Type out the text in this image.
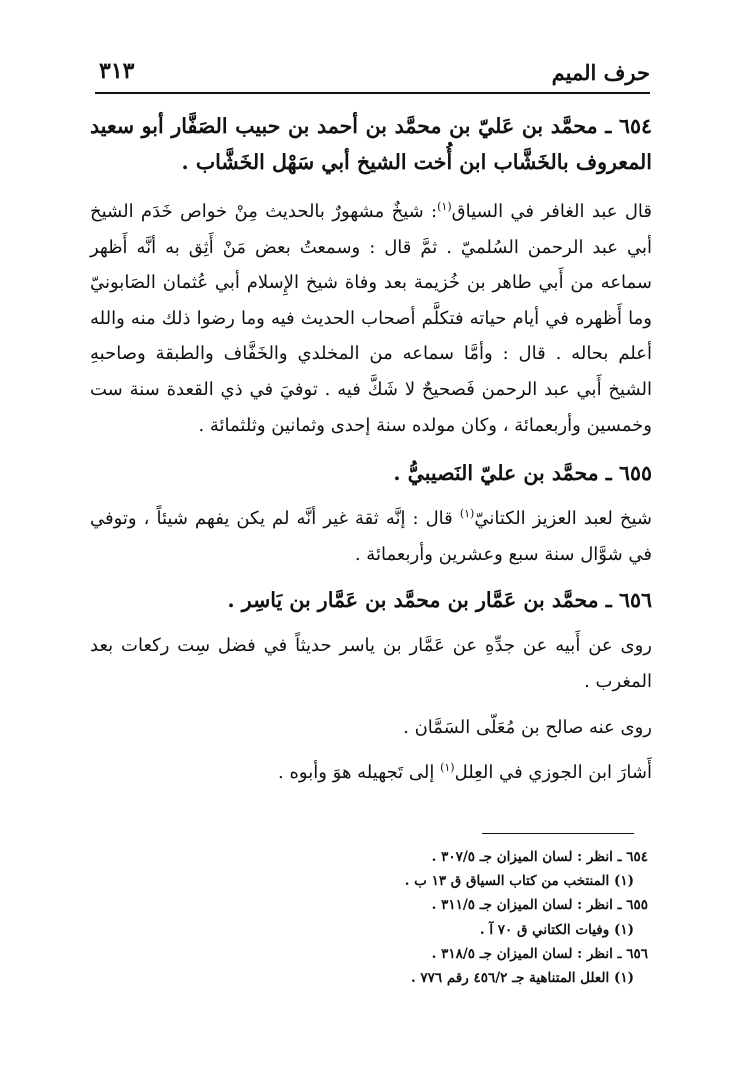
حرف الميم
٣١٣
٦٥٤ ـ محمَّد بن عَليّ بن محمَّد بن أحمد بن حبيب الصَفَّار أبو سعيد المعروف بالخَشَّاب ابن أُخت الشيخ أبي سَهْل الخَشَّاب .

قال عبد الغافر في السياق$^{(١)}$: شيخٌ مشهورٌ بالحديث مِنْ خواص خَدَم الشيخ أبي عبد الرحمن السُلميّ . ثمَّ قال : وسمعتُ بعض مَنْ أَثِق به أنَّه أَظهر سماعه من أَبي طاهر بن خُزيمة بعد وفاة شيخ الإِسلام أبي عُثمان الصَابونيّ وما أَظهره في أيام حياته فتكلَّم أصحاب الحديث فيه وما رضوا ذلك منه والله أعلم بحاله . قال : وأمَّا سماعه من المخلدي والخَفَّاف والطبقة وصاحبهِ الشيخ أَبي عبد الرحمن فَصحيحٌ لا شَكَّ فيه . توفيَ في ذي القعدة سنة ست وخمسين وأربعمائة ، وكان مولده سنة إحدى وثمانين وثلثمائة .

٦٥٥ ـ محمَّد بن عليّ النَصيبيُّ .

شيخ لعبد العزيز الكتانيّ$^{(١)}$ قال : إنَّه ثقة غير أنَّه لم يكن يفهم شيئاً ، وتوفي في شوَّال سنة سبع وعشرين وأربعمائة .

٦٥٦ ـ محمَّد بن عَمَّار بن محمَّد بن عَمَّار بن يَاسِر .

روى عن أَبيه عن جدِّهِ عن عَمَّار بن ياسر حديثاً في فضل سِت ركعات بعد المغرب .

روى عنه صالح بن مُعَلّى السَمَّان .

أَشارَ ابن الجوزي في العِلل$^{(١)}$ إلى تَجهيله هوَ وأبوه .

٦٥٤ ـ انظر : لسان الميزان جـ ٣٠٧/٥ .

(١) المنتخب من كتاب السياق ق ١٣ ب .

٦٥٥ ـ انظر : لسان الميزان جـ ٣١١/٥ .

(١) وفيات الكتاني ق ٧٠ آ .

٦٥٦ ـ انظر : لسان الميزان جـ ٣١٨/٥ .

(١) العلل المتناهية جـ ٤٥٦/٢ رقم ٧٧٦ .
